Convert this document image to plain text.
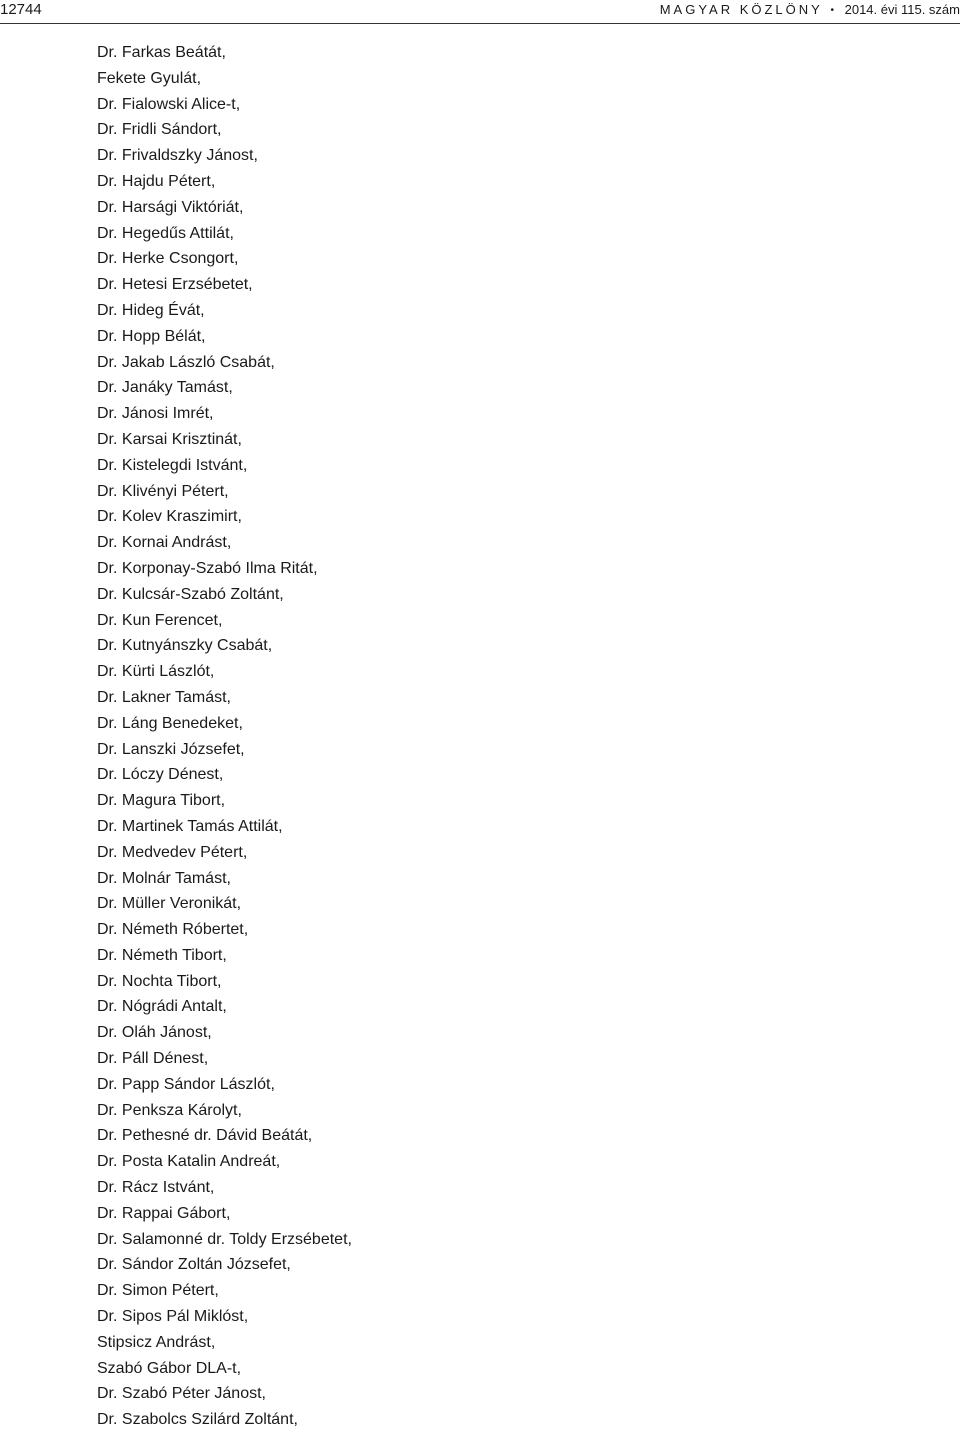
12744	MAGYAR KÖZLÖNY • 2014. évi 115. szám
Dr. Farkas Beátát,
Fekete Gyulát,
Dr. Fialowski Alice-t,
Dr. Fridli Sándort,
Dr. Frivaldszky Jánost,
Dr. Hajdu Pétert,
Dr. Harsági Viktóriát,
Dr. Hegedűs Attilát,
Dr. Herke Csongort,
Dr. Hetesi Erzsébetet,
Dr. Hideg Évát,
Dr. Hopp Bélát,
Dr. Jakab László Csabát,
Dr. Janáky Tamást,
Dr. Jánosi Imrét,
Dr. Karsai Krisztinát,
Dr. Kistelegdi Istvánt,
Dr. Klivényi Pétert,
Dr. Kolev Kraszimirt,
Dr. Kornai Andrást,
Dr. Korponay-Szabó Ilma Ritát,
Dr. Kulcsár-Szabó Zoltánt,
Dr. Kun Ferencet,
Dr. Kutnyánszky Csabát,
Dr. Kürti Lászlót,
Dr. Lakner Tamást,
Dr. Láng Benedeket,
Dr. Lanszki Józsefet,
Dr. Lóczy Dénest,
Dr. Magura Tibort,
Dr. Martinek Tamás Attilát,
Dr. Medvedev Pétert,
Dr. Molnár Tamást,
Dr. Müller Veronikát,
Dr. Németh Róbertet,
Dr. Németh Tibort,
Dr. Nochta Tibort,
Dr. Nógrádi Antalt,
Dr. Oláh Jánost,
Dr. Páll Dénest,
Dr. Papp Sándor Lászlót,
Dr. Penksza Károlyt,
Dr. Pethesné dr. Dávid Beátát,
Dr. Posta Katalin Andreát,
Dr. Rácz Istvánt,
Dr. Rappai Gábort,
Dr. Salamonné dr. Toldy Erzsébetet,
Dr. Sándor Zoltán Józsefet,
Dr. Simon Pétert,
Dr. Sipos Pál Miklóst,
Stipsicz Andrást,
Szabó Gábor DLA-t,
Dr. Szabó Péter Jánost,
Dr. Szabolcs Szilárd Zoltánt,
